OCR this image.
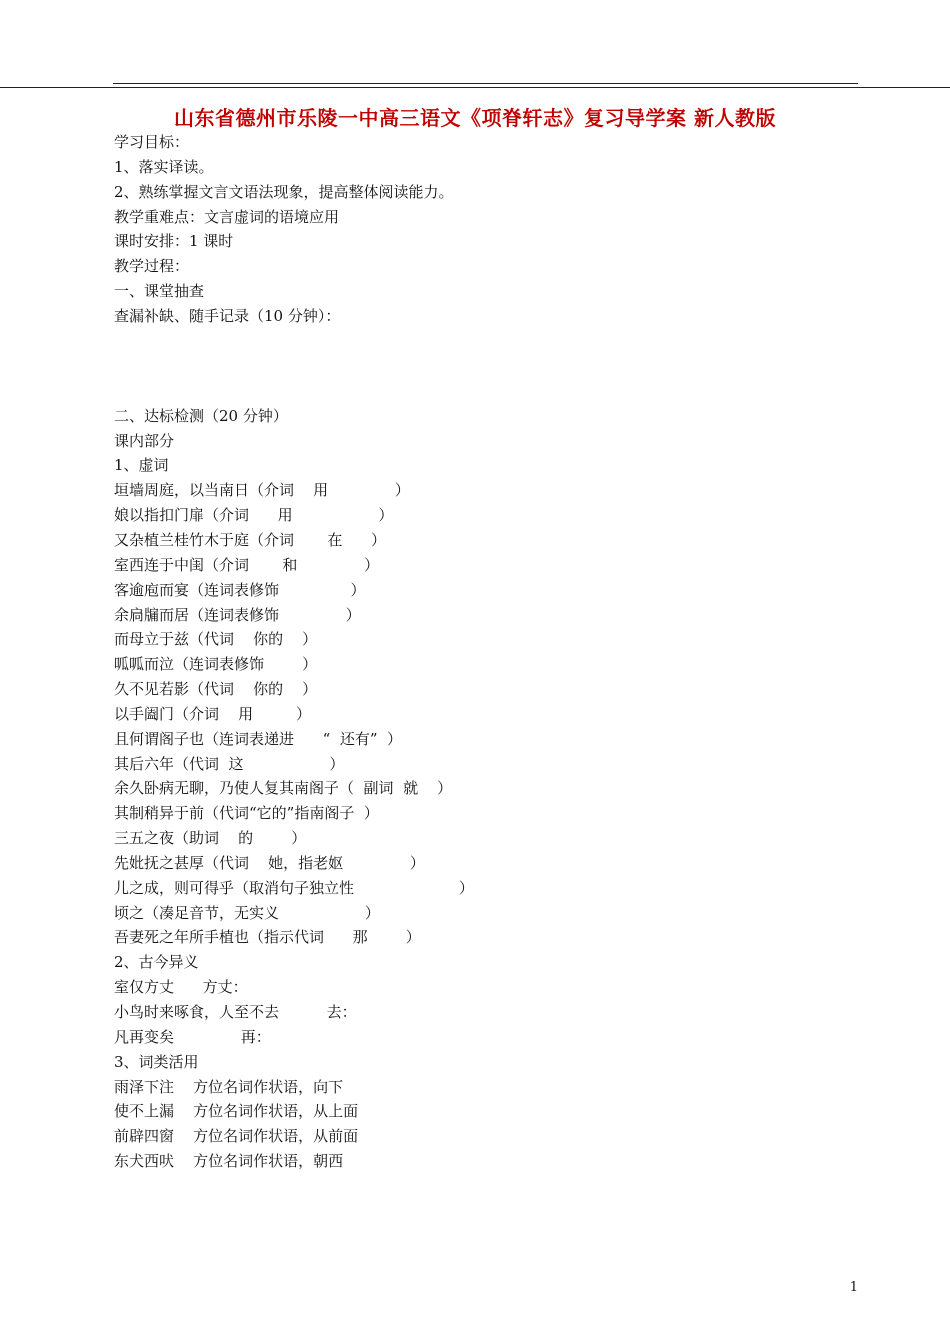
山东省德州市乐陵一中高三语文《项脊轩志》复习导学案 新人教版
学习目标：
1、落实译读。
2、熟练掌握文言文语法现象，提高整体阅读能力。
教学重难点：文言虚词的语境应用
课时安排：1 课时
教学过程：
一、课堂抽查
查漏补缺、随手记录（10 分钟）：
二、达标检测（20 分钟）
课内部分
1、虚词
垣墙周庭，以当南日（介词    用              ）
娘以指扣门扉（介词      用                  ）
又杂植兰桂竹木于庭（介词       在      ）
室西连于中闺（介词       和              ）
客逾庖而宴（连词表修饰               ）
余扃牖而居（连词表修饰              ）
而母立于兹（代词    你的    ）
呱呱而泣（连词表修饰        ）
久不见若影（代词    你的    ）
以手阖门（介词    用         ）
且何谓阁子也（连词表递进      “  还有”  ）
其后六年（代词  这                  ）
余久卧病无聊，乃使人复其南阁子（  副词  就    ）
其制稍异于前（代词“它的”指南阁子  ）
三五之夜（助词    的        ）
先妣抚之甚厚（代词    她，指老妪              ）
儿之成，则可得乎（取消句子独立性                      ）
顷之（凑足音节，无实义                  ）
吾妻死之年所手植也（指示代词      那        ）
2、古今异义
室仅方丈      方丈：
小鸟时来啄食，人至不去          去：
凡再变矣              再：
3、词类活用
雨泽下注    方位名词作状语，向下
使不上漏    方位名词作状语，从上面
前辟四窗    方位名词作状语，从前面
东犬西吠    方位名词作状语，朝西
1
